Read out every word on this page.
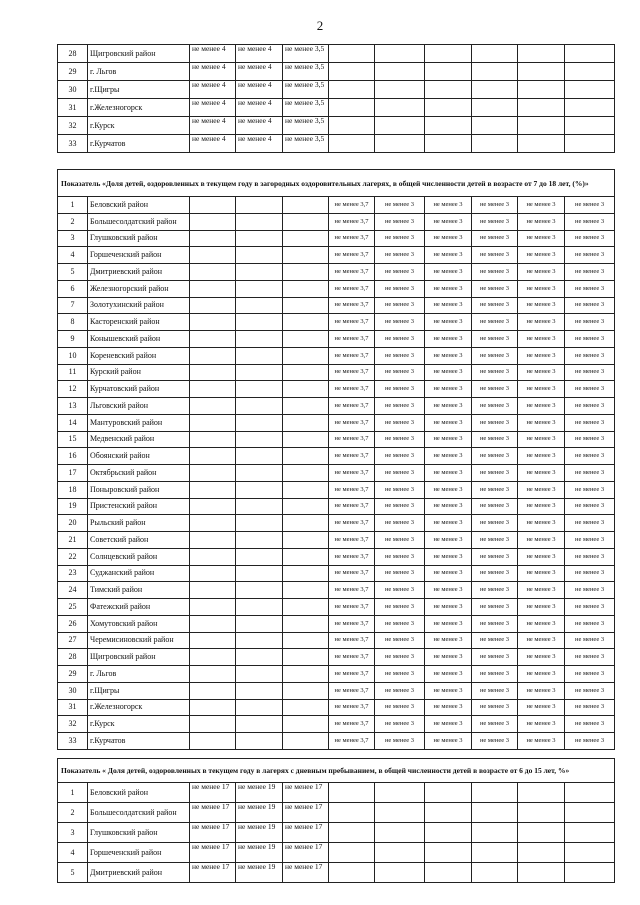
2
28	Щигровский район	не менее 4	не менее 4	не менее 3,5						
29	г. Льгов	не менее 4	не менее 4	не менее 3,5						
30	г.Щигры	не менее 4	не менее 4	не менее 3,5						
31	г.Железногорск	не менее 4	не менее 4	не менее 3,5						
32	г.Курск	не менее 4	не менее 4	не менее 3,5						
33	г.Курчатов	не менее 4	не менее 4	не менее 3,5						
Показатель «Доля детей, оздоровленных в текущем году в загородных оздоровительных лагерях, в общей численности детей в возрасте от 7 до 18 лет, (%)»										
1	Беловский район				не менее 3,7	не менее 3	не менее 3	не менее 3	не менее 3	не менее 3
2	Большесолдатский район				не менее 3,7	не менее 3	не менее 3	не менее 3	не менее 3	не менее 3
3	Глушковский район				не менее 3,7	не менее 3	не менее 3	не менее 3	не менее 3	не менее 3
4	Горшеченский район				не менее 3,7	не менее 3	не менее 3	не менее 3	не менее 3	не менее 3
5	Дмитриевский район				не менее 3,7	не менее 3	не менее 3	не менее 3	не менее 3	не менее 3
6	Железногорский район				не менее 3,7	не менее 3	не менее 3	не менее 3	не менее 3	не менее 3
7	Золотухинский район				не менее 3,7	не менее 3	не менее 3	не менее 3	не менее 3	не менее 3
8	Касторенский район				не менее 3,7	не менее 3	не менее 3	не менее 3	не менее 3	не менее 3
9	Конышевский район				не менее 3,7	не менее 3	не менее 3	не менее 3	не менее 3	не менее 3
10	Кореневский район				не менее 3,7	не менее 3	не менее 3	не менее 3	не менее 3	не менее 3
11	Курский район				не менее 3,7	не менее 3	не менее 3	не менее 3	не менее 3	не менее 3
12	Курчатовский район				не менее 3,7	не менее 3	не менее 3	не менее 3	не менее 3	не менее 3
13	Льговский район				не менее 3,7	не менее 3	не менее 3	не менее 3	не менее 3	не менее 3
14	Мантуровский район				не менее 3,7	не менее 3	не менее 3	не менее 3	не менее 3	не менее 3
15	Медвенский район				не менее 3,7	не менее 3	не менее 3	не менее 3	не менее 3	не менее 3
16	Обоянский район				не менее 3,7	не менее 3	не менее 3	не менее 3	не менее 3	не менее 3
17	Октябрьский район				не менее 3,7	не менее 3	не менее 3	не менее 3	не менее 3	не менее 3
18	Поныровский район				не менее 3,7	не менее 3	не менее 3	не менее 3	не менее 3	не менее 3
19	Пристенский район				не менее 3,7	не менее 3	не менее 3	не менее 3	не менее 3	не менее 3
20	Рыльский район				не менее 3,7	не менее 3	не менее 3	не менее 3	не менее 3	не менее 3
21	Советский район				не менее 3,7	не менее 3	не менее 3	не менее 3	не менее 3	не менее 3
22	Солнцевский район				не менее 3,7	не менее 3	не менее 3	не менее 3	не менее 3	не менее 3
23	Суджанский район				не менее 3,7	не менее 3	не менее 3	не менее 3	не менее 3	не менее 3
24	Тимский район				не менее 3,7	не менее 3	не менее 3	не менее 3	не менее 3	не менее 3
25	Фатежский район				не менее 3,7	не менее 3	не менее 3	не менее 3	не менее 3	не менее 3
26	Хомутовский район				не менее 3,7	не менее 3	не менее 3	не менее 3	не менее 3	не менее 3
27	Черемисиновский район				не менее 3,7	не менее 3	не менее 3	не менее 3	не менее 3	не менее 3
28	Щигровский район				не менее 3,7	не менее 3	не менее 3	не менее 3	не менее 3	не менее 3
29	г. Льгов				не менее 3,7	не менее 3	не менее 3	не менее 3	не менее 3	не менее 3
30	г.Щигры				не менее 3,7	не менее 3	не менее 3	не менее 3	не менее 3	не менее 3
31	г.Железногорск				не менее 3,7	не менее 3	не менее 3	не менее 3	не менее 3	не менее 3
32	г.Курск				не менее 3,7	не менее 3	не менее 3	не менее 3	не менее 3	не менее 3
33	г.Курчатов				не менее 3,7	не менее 3	не менее 3	не менее 3	не менее 3	не менее 3
Показатель « Доля детей, оздоровленных в текущем году в лагерях с дневным пребыванием, в общей численности детей в возрасте от 6 до 15 лет, %»										
1	Беловский район	не менее 17	не менее 19	не менее 17						
2	Большесолдатский район	не менее 17	не менее 19	не менее 17						
3	Глушковский район	не менее 17	не менее 19	не менее 17						
4	Горшеченский район	не менее 17	не менее 19	не менее 17						
5	Дмитриевский район	не менее 17	не менее 19	не менее 17						
